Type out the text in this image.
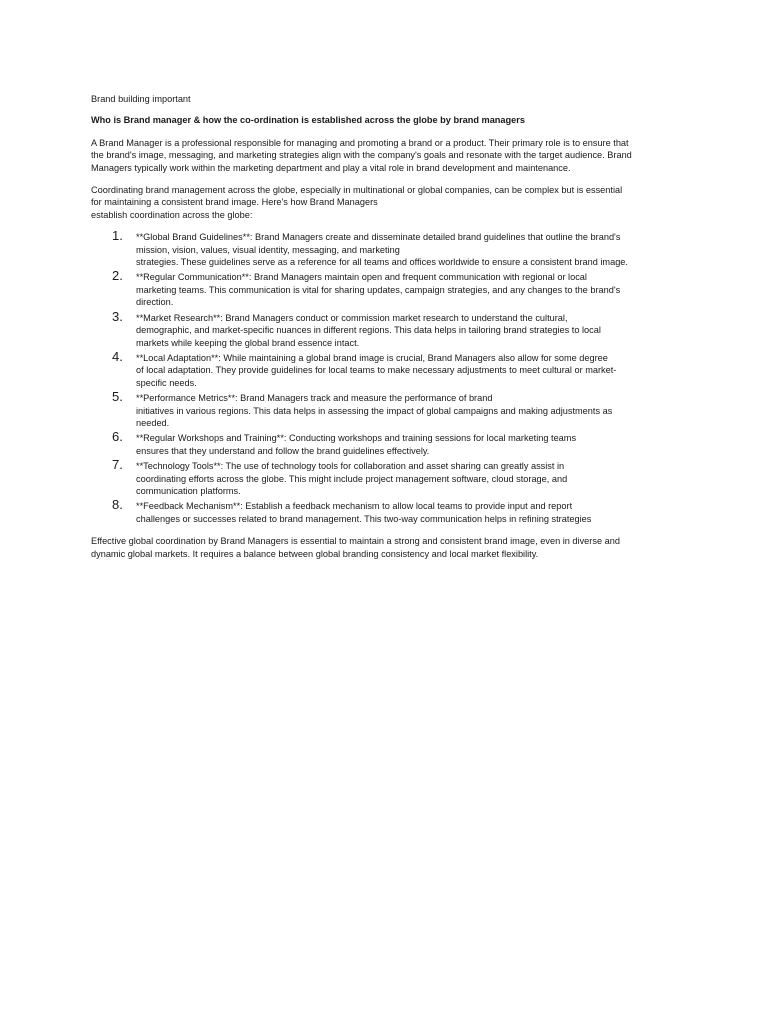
Brand building important

Who is Brand manager & how the co-ordination is established across the globe by brand managers

A Brand Manager is a professional responsible for managing and promoting a brand or a product. Their primary role is to ensure that
the brand's image, messaging, and marketing strategies align with the company's goals and resonate with the target audience. Brand
Managers typically work within the marketing department and play a vital role in brand development and maintenance.

Coordinating brand management across the globe, especially in multinational or global companies, can be complex but is essential
for maintaining a consistent brand image. Here's how Brand Managers
establish coordination across the globe:

1. **Global Brand Guidelines**: Brand Managers create and disseminate detailed brand guidelines that outline the brand's
mission, vision, values, visual identity, messaging, and marketing
strategies. These guidelines serve as a reference for all teams and offices worldwide to ensure a consistent brand image.
2. **Regular Communication**: Brand Managers maintain open and frequent communication with regional or local
marketing teams. This communication is vital for sharing updates, campaign strategies, and any changes to the brand's
direction.
3. **Market Research**: Brand Managers conduct or commission market research to understand the cultural,
demographic, and market-specific nuances in different regions. This data helps in tailoring brand strategies to local
markets while keeping the global brand essence intact.
4. **Local Adaptation**: While maintaining a global brand image is crucial, Brand Managers also allow for some degree
of local adaptation. They provide guidelines for local teams to make necessary adjustments to meet cultural or market-
specific needs.
5. **Performance Metrics**: Brand Managers track and measure the performance of brand
initiatives in various regions. This data helps in assessing the impact of global campaigns and making adjustments as
needed.
6. **Regular Workshops and Training**: Conducting workshops and training sessions for local marketing teams
ensures that they understand and follow the brand guidelines effectively.
7. **Technology Tools**: The use of technology tools for collaboration and asset sharing can greatly assist in
coordinating efforts across the globe. This might include project management software, cloud storage, and
communication platforms.
8. **Feedback Mechanism**: Establish a feedback mechanism to allow local teams to provide input and report
challenges or successes related to brand management. This two-way communication helps in refining strategies

Effective global coordination by Brand Managers is essential to maintain a strong and consistent brand image, even in diverse and
dynamic global markets. It requires a balance between global branding consistency and local market flexibility.
